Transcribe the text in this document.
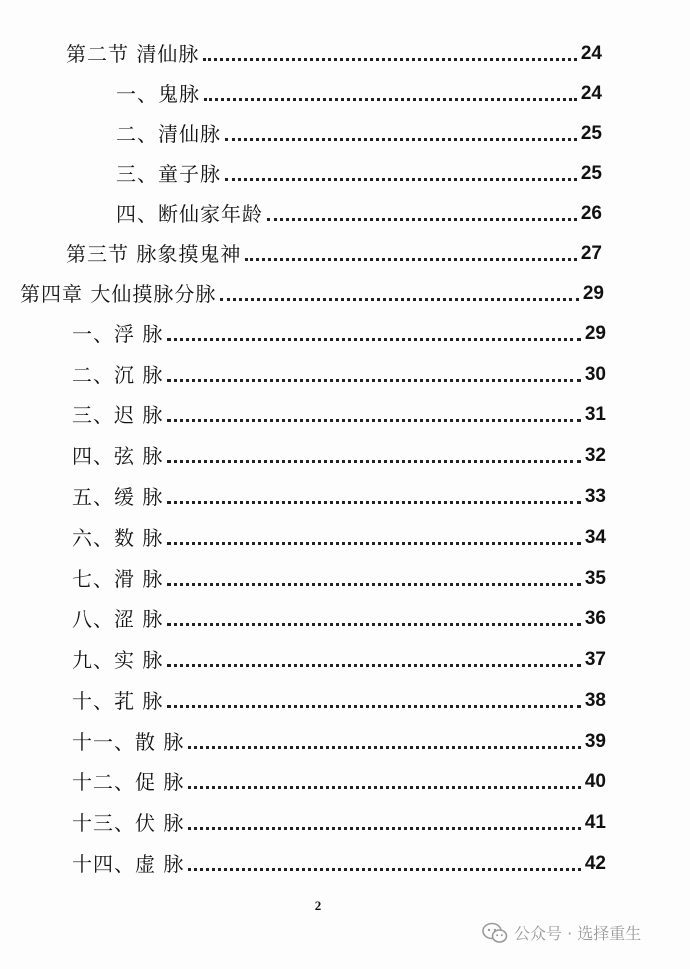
第二节 清仙脉	24
一、鬼脉	24
二、清仙脉	25
三、童子脉	25
四、断仙家年龄	26
第三节 脉象摸鬼神	27
第四章 大仙摸脉分脉	29
一、浮 脉	29
二、沉 脉	30
三、迟 脉	31
四、弦 脉	32
五、缓 脉	33
六、数 脉	34
七、滑 脉	35
八、涩 脉	36
九、实 脉	37
十、芤 脉	38
十一、散 脉	39
十二、促 脉	40
十三、伏 脉	41
十四、虚 脉	42
2
公众号 · 选择重生
